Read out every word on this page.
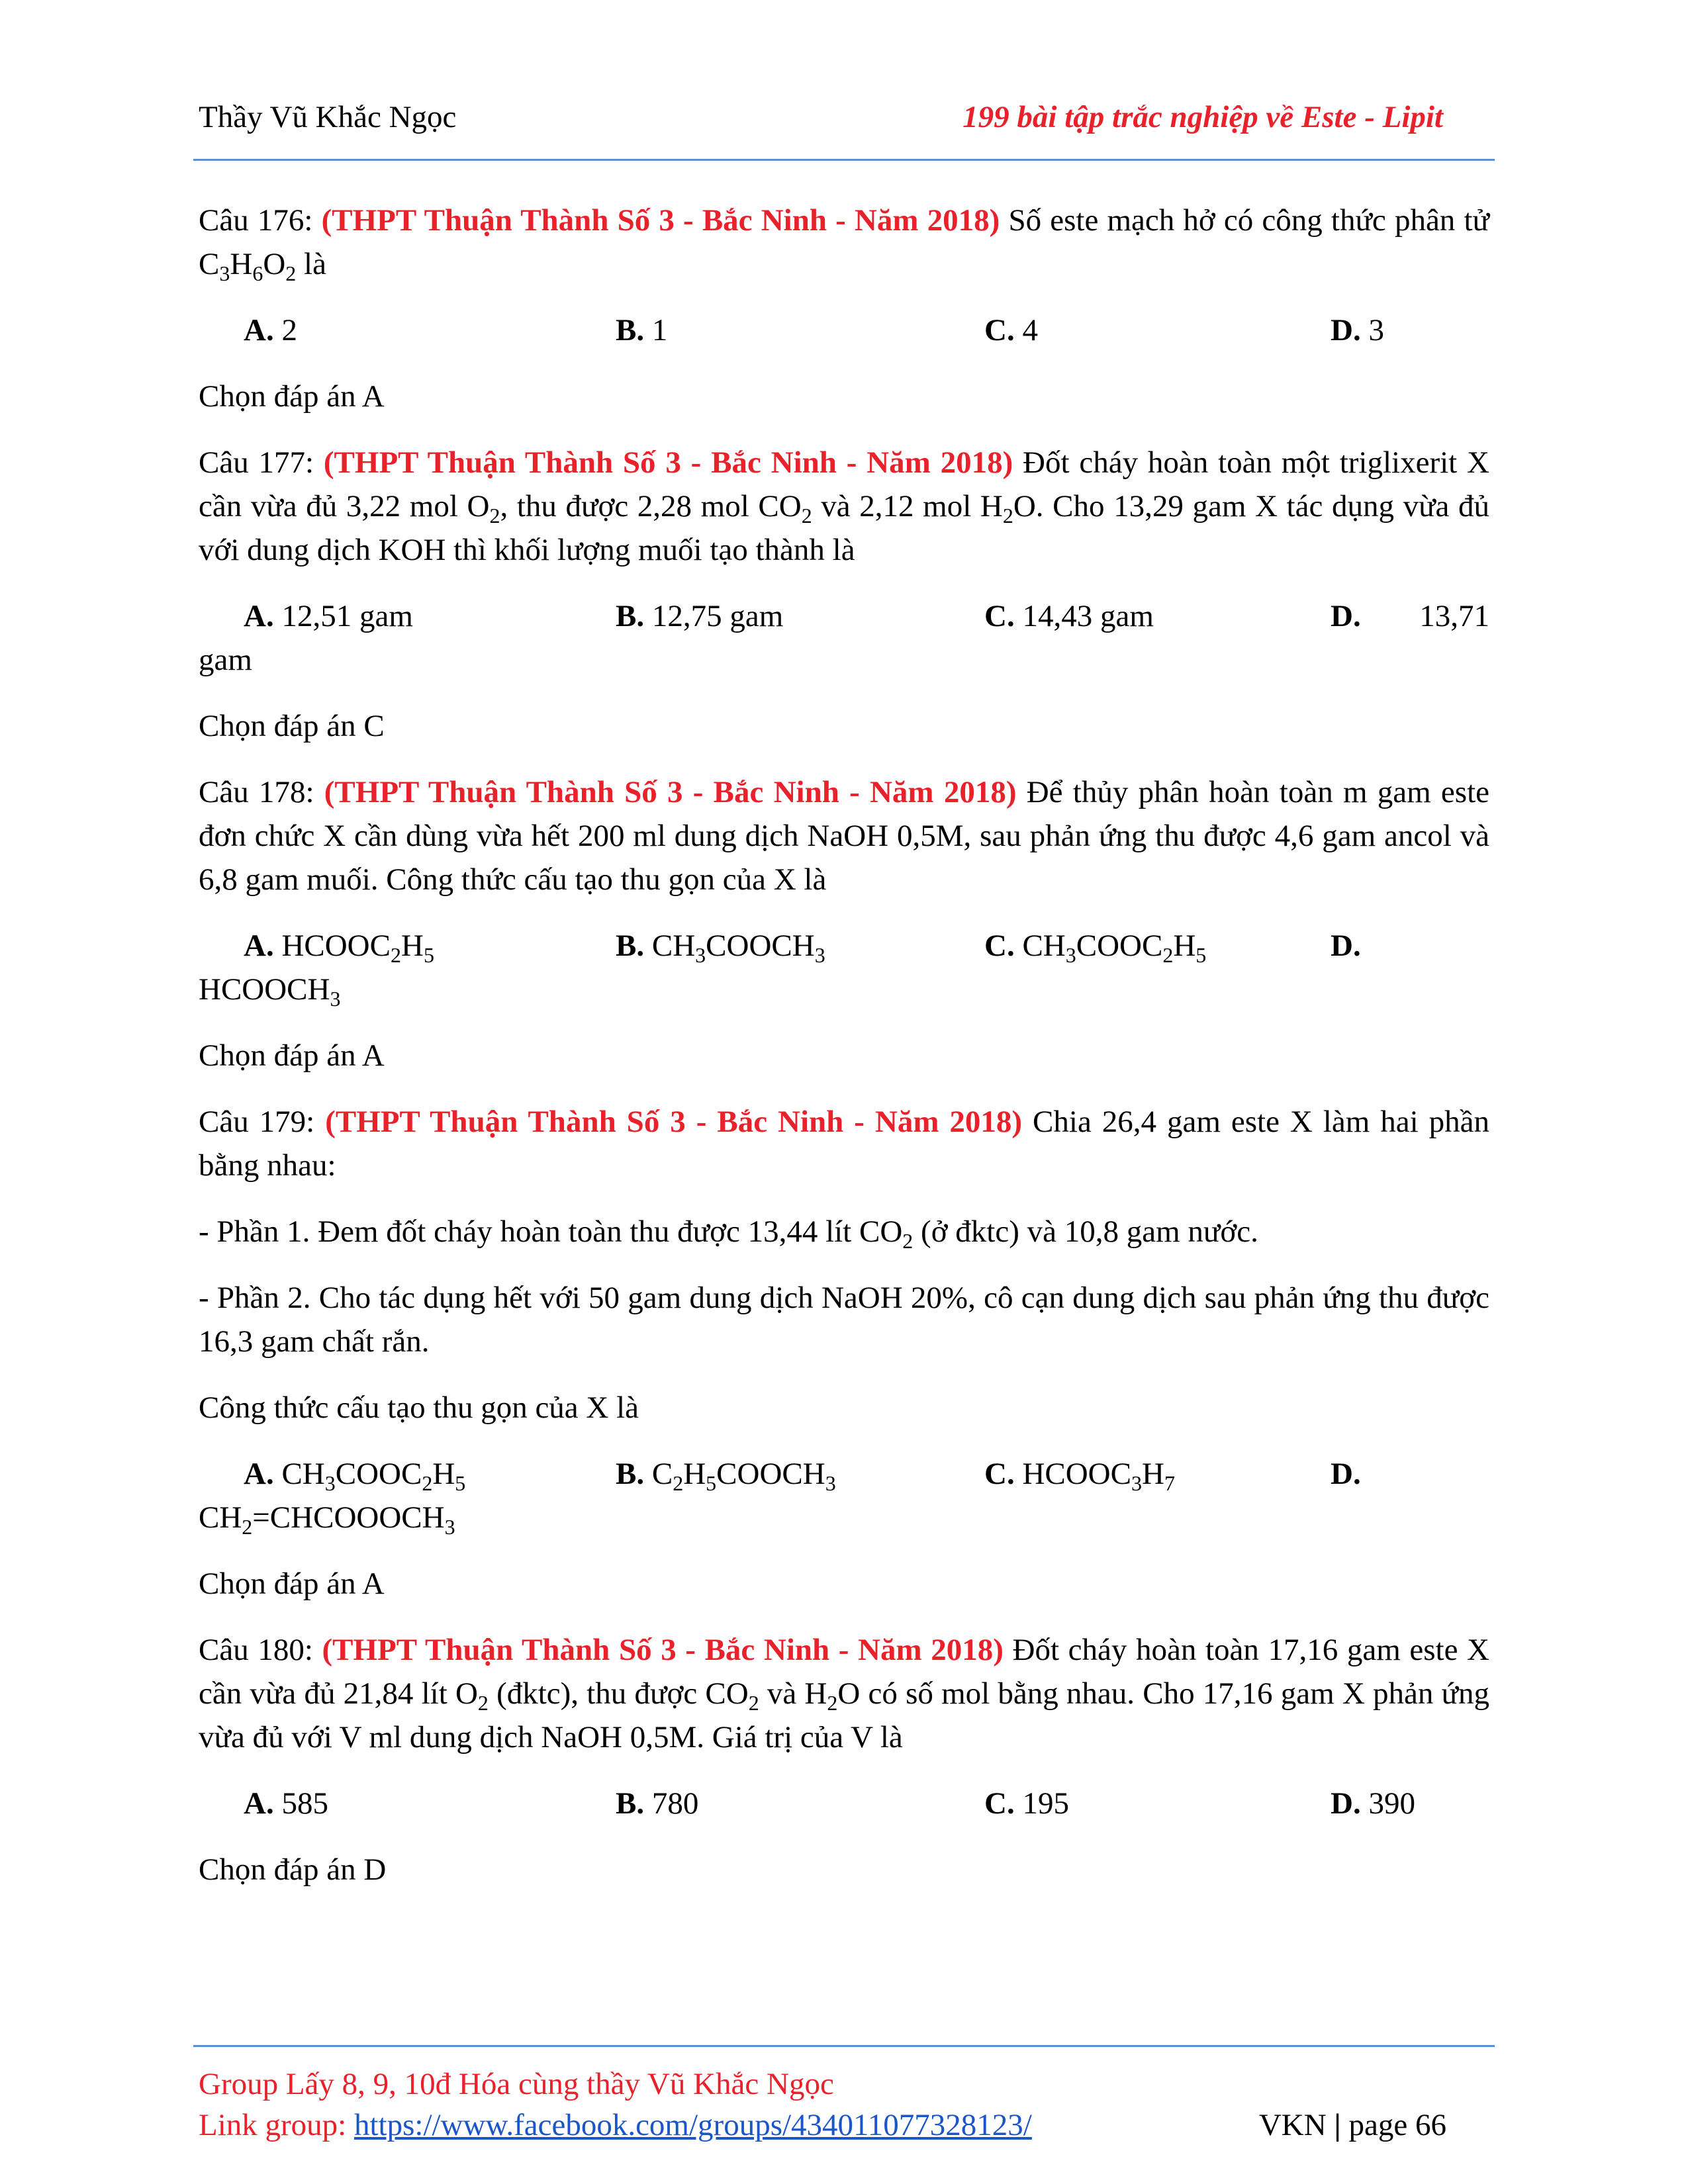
Thầy Vũ Khắc Ngọc	199 bài tập trắc nghiệp về Este - Lipit
Câu 176: (THPT Thuận Thành Số 3 - Bắc Ninh - Năm 2018) Số este mạch hở có công thức phân tử $C_3H_6O_2$ là
A. 2	B. 1	C. 4	D. 3
Chọn đáp án A
Câu 177: (THPT Thuận Thành Số 3 - Bắc Ninh - Năm 2018) Đốt cháy hoàn toàn một triglixerit X cần vừa đủ 3,22 mol $O_2$, thu được 2,28 mol $CO_2$ và 2,12 mol $H_2O$. Cho 13,29 gam X tác dụng vừa đủ với dung dịch KOH thì khối lượng muối tạo thành là
A. 12,51 gam	B. 12,75 gam	C. 14,43 gam	D. 13,71
gam
Chọn đáp án C
Câu 178: (THPT Thuận Thành Số 3 - Bắc Ninh - Năm 2018) Để thủy phân hoàn toàn m gam este đơn chức X cần dùng vừa hết 200 ml dung dịch NaOH 0,5M, sau phản ứng thu được 4,6 gam ancol và 6,8 gam muối. Công thức cấu tạo thu gọn của X là
A. $HCOOC_2H_5$	B. $CH_3COOCH_3$	C. $CH_3COOC_2H_5$	D.
$HCOOCH_3$
Chọn đáp án A
Câu 179: (THPT Thuận Thành Số 3 - Bắc Ninh - Năm 2018) Chia 26,4 gam este X làm hai phần bằng nhau:
- Phần 1. Đem đốt cháy hoàn toàn thu được 13,44 lít $CO_2$ (ở đktc) và 10,8 gam nước.
- Phần 2. Cho tác dụng hết với 50 gam dung dịch NaOH 20%, cô cạn dung dịch sau phản ứng thu được 16,3 gam chất rắn.
Công thức cấu tạo thu gọn của X là
A. $CH_3COOC_2H_5$	B. $C_2H_5COOCH_3$	C. $HCOOC_3H_7$	D.
$CH_2=CHCOOOCH_3$
Chọn đáp án A
Câu 180: (THPT Thuận Thành Số 3 - Bắc Ninh - Năm 2018) Đốt cháy hoàn toàn 17,16 gam este X cần vừa đủ 21,84 lít $O_2$ (đktc), thu được $CO_2$ và $H_2O$ có số mol bằng nhau. Cho 17,16 gam X phản ứng vừa đủ với V ml dung dịch NaOH 0,5M. Giá trị của V là
A. 585	B. 780	C. 195	D. 390
Chọn đáp án D
Group Lấy 8, 9, 10đ Hóa cùng thầy Vũ Khắc Ngọc
Link group: https://www.facebook.com/groups/434011077328123/	VKN | page 66
